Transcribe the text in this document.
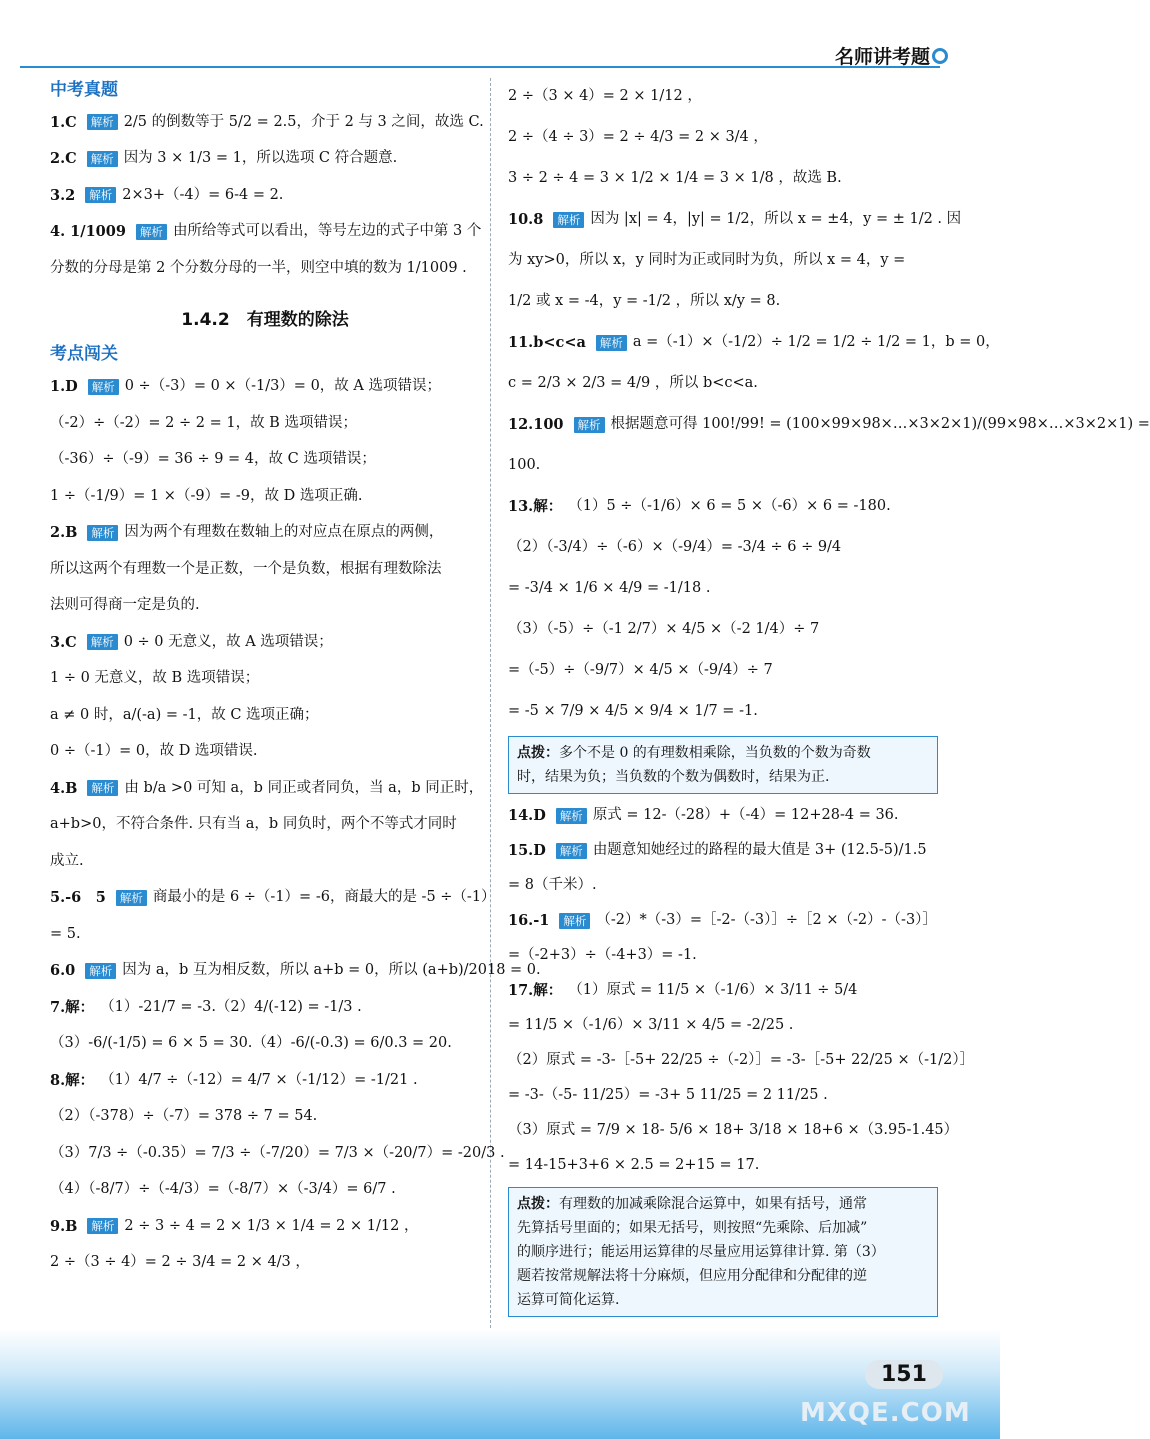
名师讲考题
中考真题
1.C	解析 2/5 的倒数等于 5/2 = 2.5，介于 2 与 3 之间，故选 C.
2.C	解析 因为 3 × 1/3 = 1，所以选项 C 符合题意.
3.2	解析 2×3+（-4）= 6-4 = 2.
4. 1/1009	解析 由所给等式可以看出，等号左边的式子中第 3 个
分数的分母是第 2 个分数分母的一半，则空中填的数为 1/1009 .
1.4.2　有理数的除法
考点闯关
1.D	解析 0 ÷（-3）= 0 ×（-1/3）= 0，故 A 选项错误；
（-2）÷（-2）= 2 ÷ 2 = 1，故 B 选项错误；
（-36）÷（-9）= 36 ÷ 9 = 4，故 C 选项错误；
1 ÷（-1/9）= 1 ×（-9）= -9，故 D 选项正确.
2.B	解析 因为两个有理数在数轴上的对应点在原点的两侧，
所以这两个有理数一个是正数，一个是负数，根据有理数除法
法则可得商一定是负的.
3.C	解析 0 ÷ 0 无意义，故 A 选项错误；
1 ÷ 0 无意义，故 B 选项错误；
a ≠ 0 时，a/(-a) = -1，故 C 选项正确；
0 ÷（-1）= 0，故 D 选项错误.
4.B	解析 由 b/a >0 可知 a，b 同正或者同负，当 a，b 同正时，
a+b>0，不符合条件. 只有当 a，b 同负时，两个不等式才同时
成立.
5.-6　5	解析 商最小的是 6 ÷（-1）= -6，商最大的是 -5 ÷（-1）
= 5.
6.0	解析 因为 a，b 互为相反数，所以 a+b = 0，所以 (a+b)/2018 = 0.
7.解： （1）-21/7 = -3.（2）4/(-12) = -1/3 .
（3）-6/(-1/5) = 6 × 5 = 30.（4）-6/(-0.3) = 6/0.3 = 20.
8.解： （1）4/7 ÷（-12）= 4/7 ×（-1/12）= -1/21 .
（2）（-378）÷（-7）= 378 ÷ 7 = 54.
（3）7/3 ÷（-0.35）= 7/3 ÷（-7/20）= 7/3 ×（-20/7）= -20/3 .
（4）（-8/7）÷（-4/3）=（-8/7）×（-3/4）= 6/7 .
9.B	解析 2 ÷ 3 ÷ 4 = 2 × 1/3 × 1/4 = 2 × 1/12 ，
2 ÷（3 ÷ 4）= 2 ÷ 3/4 = 2 × 4/3 ，
2 ÷（3 × 4）= 2 × 1/12 ，
2 ÷（4 ÷ 3）= 2 ÷ 4/3 = 2 × 3/4 ，
3 ÷ 2 ÷ 4 = 3 × 1/2 × 1/4 = 3 × 1/8 ，故选 B.
10.8	解析 因为 |x| = 4，|y| = 1/2，所以 x = ±4，y = ± 1/2 . 因
为 xy>0，所以 x，y 同时为正或同时为负，所以 x = 4，y =
1/2 或 x = -4，y = -1/2 ，所以 x/y = 8.
11.b<c<a	解析 a =（-1）×（-1/2）÷ 1/2 = 1/2 ÷ 1/2 = 1，b = 0，
c = 2/3 × 2/3 = 4/9 ，所以 b<c<a.
12.100	解析 根据题意可得 100!/99! = (100×99×98×…×3×2×1)/(99×98×…×3×2×1) =
100.
13.解： （1）5 ÷（-1/6）× 6 = 5 ×（-6）× 6 = -180.
（2）（-3/4）÷（-6）×（-9/4）= -3/4 ÷ 6 ÷ 9/4
= -3/4 × 1/6 × 4/9 = -1/18 .
（3）（-5）÷（-1 2/7）× 4/5 ×（-2 1/4）÷ 7
=（-5）÷（-9/7）× 4/5 ×（-9/4）÷ 7
= -5 × 7/9 × 4/5 × 9/4 × 1/7 = -1.
点拨： 多个不是 0 的有理数相乘除，当负数的个数为奇数
时，结果为负；当负数的个数为偶数时，结果为正.
14.D	解析 原式 = 12-（-28）+（-4）= 12+28-4 = 36.
15.D	解析 由题意知她经过的路程的最大值是 3+ (12.5-5)/1.5
= 8（千米）.
16.-1	解析 （-2）*（-3）=［-2-（-3）］÷［2 ×（-2）-（-3）］
=（-2+3）÷（-4+3）= -1.
17.解： （1）原式 = 11/5 ×（-1/6）× 3/11 ÷ 5/4
= 11/5 ×（-1/6）× 3/11 × 4/5 = -2/25 .
（2）原式 = -3-［-5+ 22/25 ÷（-2）］= -3-［-5+ 22/25 ×（-1/2）］
= -3-（-5- 11/25）= -3+ 5 11/25 = 2 11/25 .
（3）原式 = 7/9 × 18- 5/6 × 18+ 3/18 × 18+6 ×（3.95-1.45）
= 14-15+3+6 × 2.5 = 2+15 = 17.
点拨： 有理数的加减乘除混合运算中，如果有括号，通常
先算括号里面的；如果无括号，则按照“先乘除、后加减”
的顺序进行；能运用运算律的尽量应用运算律计算. 第（3）
题若按常规解法将十分麻烦，但应用分配律和分配律的逆
运算可简化运算.
151
MXQE.COM
